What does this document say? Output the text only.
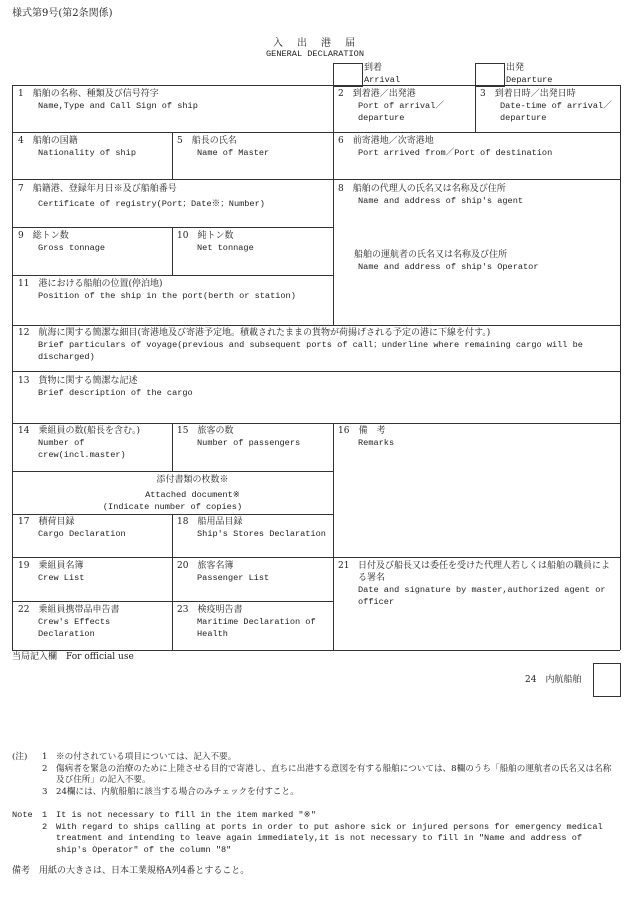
様式第9号(第2条関係)
入　出　港　届
GENERAL DECLARATION
到着
Arrival
出発
Departure
1　 船舶の名称、種類及び信号符字
Name,Type and Call Sign of ship
2　 到着港／出発港
Port of arrival／departure
3　 到着日時／出発日時
Date-time of arrival／departure
4　 船舶の国籍
Nationality of ship
5　 船長の氏名
Name of Master
6　 前寄港地／次寄港地
Port arrived from／Port of destination
7　 船籍港、登録年月日※及び船舶番号
Certificate of registry(Port；Date※；Number)
8　 船舶の代理人の氏名又は名称及び住所
Name and address of ship's agent
船舶の運航者の氏名又は名称及び住所
Name and address of ship's Operator
9　 総トン数
Gross tonnage
10　 純トン数
Net tonnage
11　 港における船舶の位置(停泊地)
Position of the ship in the port(berth or station)
12　 航海に関する簡潔な細目(寄港地及び寄港予定地。積載されたままの貨物が荷揚げされる予定の港に下線を付す。)
Brief particulars of voyage(previous and subsequent ports of call；underline where remaining cargo will be discharged)
13　 貨物に関する簡潔な記述
Brief description of the cargo
14　 乗組員の数(船長を含む。)
Number of crew(incl.master)
15　 旅客の数
Number of passengers
16　 備　考
Remarks
添付書類の枚数※
Attached document※
(Indicate number of copies)
17　 積荷目録
Cargo Declaration
18　 船用品目録
Ship's Stores Declaration
19　 乗組員名簿
Crew List
20　 旅客名簿
Passenger List
21 日付及び船長又は委任を受けた代理人若しくは船舶の職員による署名
Date and signature by master,authorized agent or officer
22　 乗組員携帯品申告書
Crew's Effects Declaration
23　 検疫明告書
Maritime Declaration of Health
当局記入欄　For official use
24　内航船舶
(注)	1 ※の付されている項目については、記入不要。
2 傷病者を緊急の治療のために上陸させる目的で寄港し、直ちに出港する意図を有する船舶については、8欄のうち「船舶の運航者の氏名又は名称及び住所」の記入不要。
3 24欄には、内航船舶に該当する場合のみチェックを付すこと。
Note	1	It is not necessary to fill in the item marked "※"
2	With regard to ships calling at ports in order to put ashore sick or injured persons for emergency medical treatment and intending to leave again immediately,it is not necessary to fill in "Name and address of ship's Operator" of the column "8"
備考　用紙の大きさは、日本工業規格A列4番とすること。
